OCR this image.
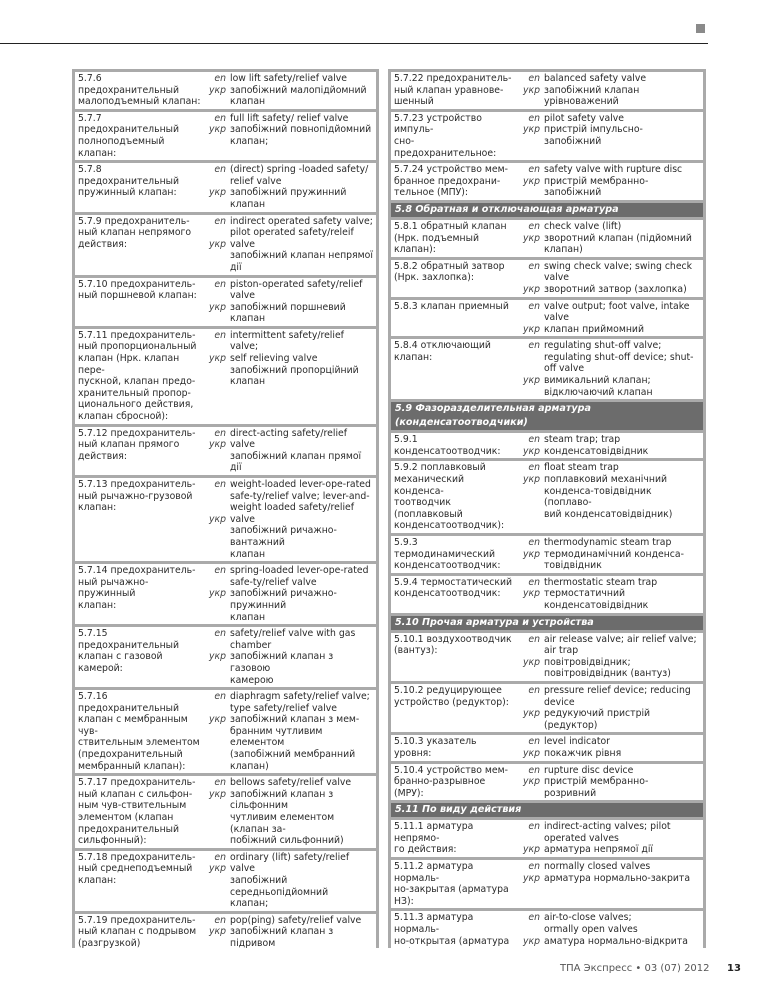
5.7.6 предохранительный
малоподъемный клапан:
en
укр
low lift safety/relief valve
запобіжний малопідйомний
клапан
5.7.7 предохранительный
полноподъемный клапан:
en
укр
full lift safety/ relief valve
запобіжний повнопідйомний
клапан;
5.7.8 предохранительный
пружинный клапан:
en
укр
(direct) spring -loaded safety/
relief valve
запобіжний пружинний клапан
5.7.9 предохранитель-
ный клапан непрямого
действия:
en
укр
indirect operated safety valve;
pilot operated safety/releif valve
запобіжний клапан непрямої дії
5.7.10 предохранитель-
ный поршневой клапан:
en
укр
piston-operated safety/relief
valve
запобіжний поршневий клапан
5.7.11 предохранитель-
ный пропорциональный
клапан (Нрк. клапан пере-
пускной, клапан предо-
хранительный пропор-
ционального действия,
клапан сбросной):
en
укр
intermittent safety/relief valve;
self relieving valve
запобіжний пропорційний
клапан
5.7.12 предохранитель-
ный клапан прямого
действия:
en
укр
direct-acting safety/relief valve
запобіжний клапан прямої дії
5.7.13 предохранитель-
ный рычажно-грузовой
клапан:
en
укр
weight-loaded lever-ope-rated
safe-ty/relief valve; lever-and-
weight loaded safety/relief valve
запобіжний ричажно-вантажний
клапан
5.7.14 предохранитель-
ный рычажно-пружинный
клапан:
en
укр
spring-loaded lever-ope-rated
safe-ty/relief valve
запобіжний ричажно-пружинний
клапан
5.7.15 предохранительный
клапан с газовой камерой:
en
укр
safety/relief valve with gas
chamber
запобіжний клапан з газовою
камерою
5.7.16 предохранительный
клапан с мембранным чув-
ствительным элементом
(предохранительный
мембранный клапан):
en
укр
diaphragm safety/relief valve;
type safety/relief valve
запобіжний клапан з мем-
бранним чутливим елементом
(запобіжний мембранний клапан)
5.7.17 предохранитель-
ный клапан с сильфон-
ным чув-ствительным
элементом (клапан
предохранительный
сильфонный):
en
укр
bellows safety/relief valve
запобіжний клапан з сільфонним
чутливим елементом (клапан за-
побіжний сильфонний)
5.7.18 предохранитель-
ный среднеподъемный
клапан:
en
укр
ordinary (lift) safety/relief valve
запобіжний середньопідйомний
клапан;
5.7.19 предохранитель-
ный клапан с подрывом
(разгрузкой)
en
укр
pop(ping) safety/relief valve
запобіжний клапан з підривом
5.7.22 предохранитель-
ный клапан уравнове-
шенный
en
укр
balanced safety valve
запобіжний клапан
урівноважений
5.7.23 устройство импуль-
сно-предохранительное:
en
укр
pilot safety valve
пристрій імпульсно-запобіжний
5.7.24 устройство мем-
бранное предохрани-
тельное (МПУ):
en
укр
safety valve with rupture disc
пристрій мембранно-запобіжний
5.8 Обратная и отключающая арматура
5.8.1 обратный клапан
(Нрк. подъемный клапан):
en
укр
check valve (lift)
зворотний клапан (підйомний
клапан)
5.8.2 обратный затвор
(Нрк. захлопка):
en
укр
swing check valve; swing check
valve
зворотний затвор (захлопка)
5.8.3 клапан приемный	en
укр
valve output; foot valve, intake
valve
клапан приймомний
5.8.4 отключающий
клапан:
en
укр
regulating shut-off valve;
regulating shut-off device; shut-
off valve
вимикальний клапан;
відключаючий клапан
5.9 Фазоразделительная арматура (конденсатоотводчики)
5.9.1 конденсатоотводчик:
en
укр
steam trap; trap
конденсатовідвідник
5.9.2 поплавковый
механический конденса-
тоотводчик (поплавковый
конденсатоотводчик):
en
укр
float steam trap
поплавковий механічний
конденса-товідвідник (поплаво-
вий конденсатовідвідник)
5.9.3 термодинамический
конденсатоотводчик:
en
укр
thermodynamic steam trap
термодинамічний конденса-
товідвідник
5.9.4 термостатический
конденсатоотводчик:
en
укр
thermostatic steam trap
термостатичний
конденсатовідвідник
5.10 Прочая арматура и устройства
5.10.1 воздухоотводчик
(вантуз):
en
укр
air release valve; air relief valve;
air trap
повітровідвідник;
повітровідвідник (вантуз)
5.10.2 редуцирующее
устройство (редуктор):
en
укр
pressure relief device; reducing
device
редукуючий пристрій (редуктор)
5.10.3 указатель уровня:
en
укр
level indicator
покажчик рівня
5.10.4 устройство мем-
бранно-разрывное (МРУ):
en
укр
rupture disc device
пристрій мембранно-розривний
5.11 По виду действия
5.11.1 арматура непрямо-
го действия:
en
укр
indirect-acting valves; pilot
operated valves
арматура непрямої дії
5.11.2 арматура нормаль-
но-закрытая (арматура НЗ):
en
укр
normally closed valves
арматура нормально-закрита
5.11.3 арматура нормаль-
но-открытая (арматура
en
укр
air-to-close valves;
ormally open valves
аматура нормально-відкрита
ТПА Экспресс • 03 (07) 2012 13
